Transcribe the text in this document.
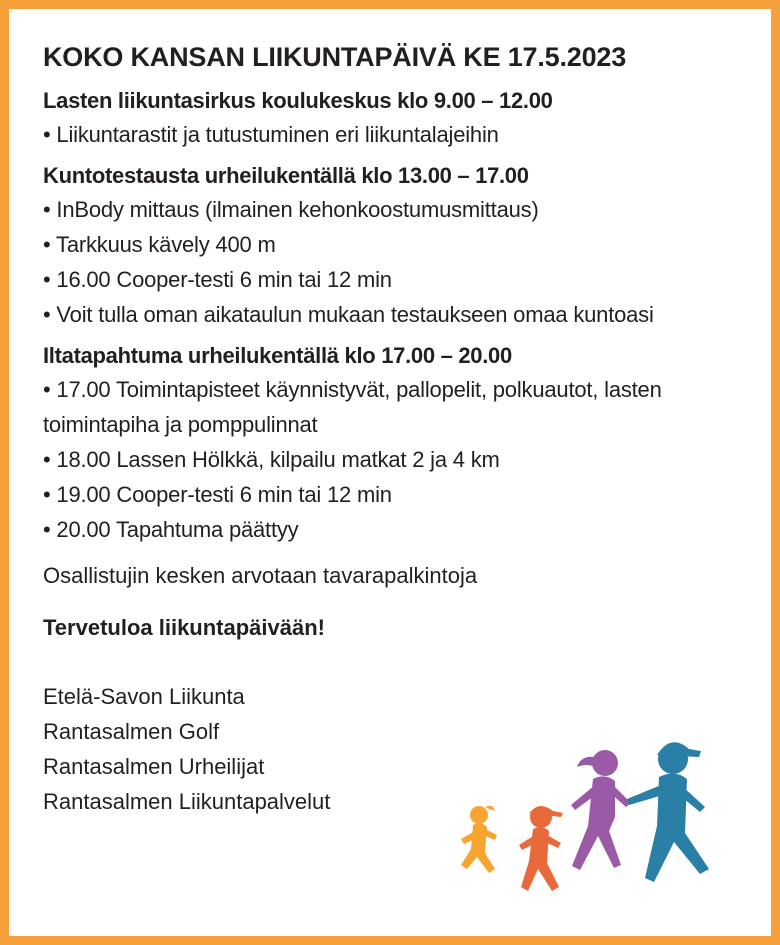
KOKO KANSAN LIIKUNTAPÄIVÄ KE 17.5.2023
Lasten liikuntasirkus koulukeskus klo 9.00 – 12.00
• Liikuntarastit ja tutustuminen eri liikuntalajeihin
Kuntotestausta urheilukentällä klo 13.00 – 17.00
• InBody mittaus (ilmainen kehonkoostumusmittaus)
• Tarkkuus kävely 400 m
• 16.00 Cooper-testi 6 min tai 12 min
• Voit tulla oman aikataulun mukaan testaukseen omaa kuntoasi
Iltatapahtuma urheilukentällä klo 17.00 – 20.00
• 17.00 Toimintapisteet käynnistyvät, pallopelit, polkuautot, lasten toimintapiha ja pomppulinnat
• 18.00 Lassen Hölkkä, kilpailu matkat 2 ja 4 km
• 19.00 Cooper-testi 6 min tai 12 min
• 20.00 Tapahtuma päättyy
Osallistujin kesken arvotaan tavarapalkintoja
Tervetuloa liikuntapäivään!
Etelä-Savon Liikunta
Rantasalmen Golf
Rantasalmen Urheilijat
Rantasalmen Liikuntapalvelut
